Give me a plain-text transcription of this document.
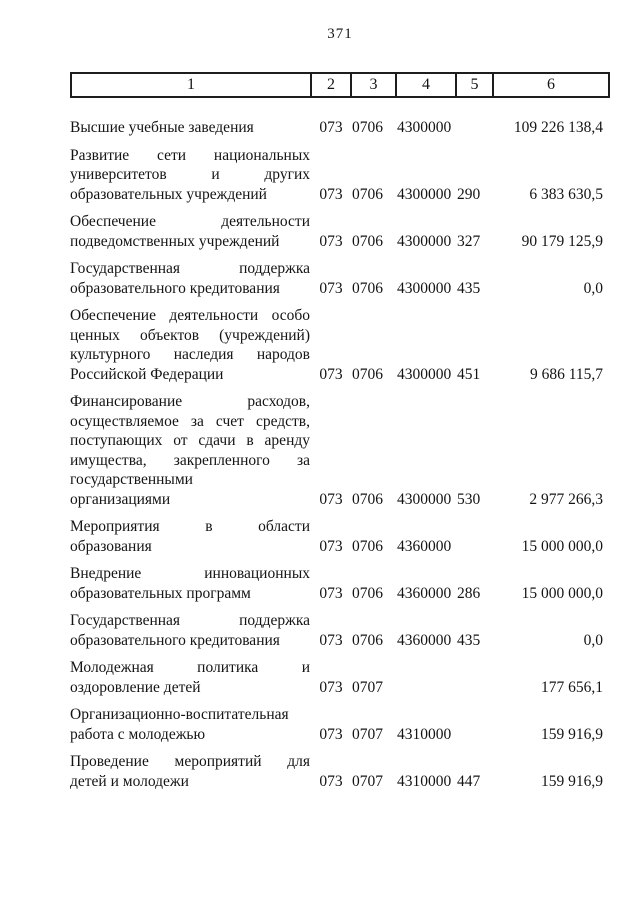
371
1	2	3	4	5	6
Высшие учебные заведения	073 0706 4300000	109 226 138,4
Развитие сети национальных
университетов и других
образовательных учреждений	073 0706 4300000 290	6 383 630,5
Обеспечение деятельности
подведомственных учреждений	073 0706 4300000 327	90 179 125,9
Государственная поддержка
образовательного кредитования	073 0706 4300000 435	0,0
Обеспечение деятельности особо
ценных объектов (учреждений)
культурного наследия народов
Российской Федерации	073 0706 4300000 451	9 686 115,7
Финансирование расходов,
осуществляемое за счет средств,
поступающих от сдачи в аренду
имущества, закрепленного за
государственными
организациями	073 0706 4300000 530	2 977 266,3
Мероприятия в области
образования	073 0706 4360000	15 000 000,0
Внедрение инновационных
образовательных программ	073 0706 4360000 286	15 000 000,0
Государственная поддержка
образовательного кредитования	073 0706 4360000 435	0,0
Молодежная политика и
оздоровление детей	073 0707	177 656,1
Организационно-воспитательная
работа с молодежью	073 0707 4310000	159 916,9
Проведение мероприятий для
детей и молодежи	073 0707 4310000 447	159 916,9
